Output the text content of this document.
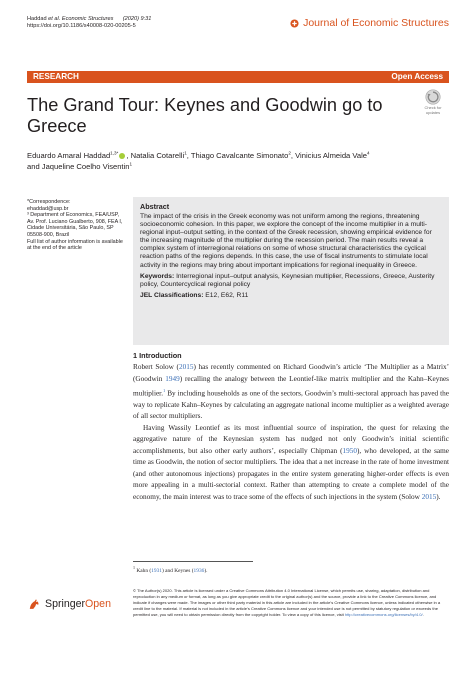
Haddad et al. Economic Structures (2020) 9:31
https://doi.org/10.1186/s40008-020-00205-5	Journal of Economic Structures
RESEARCH	Open Access
The Grand Tour: Keynes and Goodwin go to Greece
Check for
updates
Eduardo Amaral Haddad$^{1,3*}$ , Natalia Cotarelli$^1$, Thiago Cavalcante Simonato$^2$, Vinicius Almeida Vale$^4$
and Jaqueline Coelho Visentin$^1$
*Correspondence:
ehaddad@usp.br
³ Department of Economics, FEA/USP, Av. Prof. Luciano Gualberto, 908, FEA I, Cidade Universitária, São Paulo, SP 05508-900, Brazil
Full list of author information is available at the end of the article
Abstract
The impact of the crisis in the Greek economy was not uniform among the regions, threatening socioeconomic cohesion. In this paper, we explore the concept of the income multiplier in a multi-regional input–output setting, in the context of the Greek recession, showing empirical evidence for the increasing magnitude of the multiplier during the recession period. The main results reveal a complex system of interregional relations on some of whose structural characteristics the cyclical reaction paths of the regions depends. In this case, the use of fiscal instruments to stimulate local activity in the regions may bring about important implications for regional inequality in Greece.
Keywords: Interregional input–output analysis, Keynesian multiplier, Recessions, Greece, Austerity policy, Countercyclical regional policy
JEL Classifications: E12, E62, R11
1 Introduction

Robert Solow (2015) has recently commented on Richard Goodwin’s article ‘The Multiplier as a Matrix’ (Goodwin 1949) recalling the analogy between the Leontief-like matrix multiplier and the Kahn–Keynes multiplier.$^1$ By including households as one of the sectors, Goodwin’s multi-sectoral approach has paved the way to replicate Kahn–Keynes by calculating an aggregate national income multiplier as a weighted average of all sector multipliers.

Having Wassily Leontief as its most influential source of inspiration, the quest for relaxing the aggregative nature of the Keynesian system has nudged not only Goodwin’s initial scientific accomplishments, but also other early authors’, especially Chipman (1950), who developed, at the same time as Goodwin, the notion of sector multipliers. The idea that a net increase in the rate of home investment (and other autonomous injections) propagates in the entire system generating higher-order effects is even more appealing in a multi-sectorial context. Rather than attempting to create a complete model of the economy, the main interest was to trace some of the effects of such injections in the system (Solow 2015).

$^1$ Kahn (1931) and Keynes (1936).
SpringerOpen
© The Author(s) 2020. This article is licensed under a Creative Commons Attribution 4.0 International License, which permits use, sharing, adaptation, distribution and reproduction in any medium or format, as long as you give appropriate credit to the original author(s) and the source, provide a link to the Creative Commons licence, and indicate if changes were made. The images or other third party material in this article are included in the article’s Creative Commons licence, unless indicated otherwise in a credit line to the material. If material is not included in the article’s Creative Commons licence and your intended use is not permitted by statutory regulation or exceeds the permitted use, you will need to obtain permission directly from the copyright holder. To view a copy of this licence, visit http://creativecommons.org/licenses/by/4.0/.
